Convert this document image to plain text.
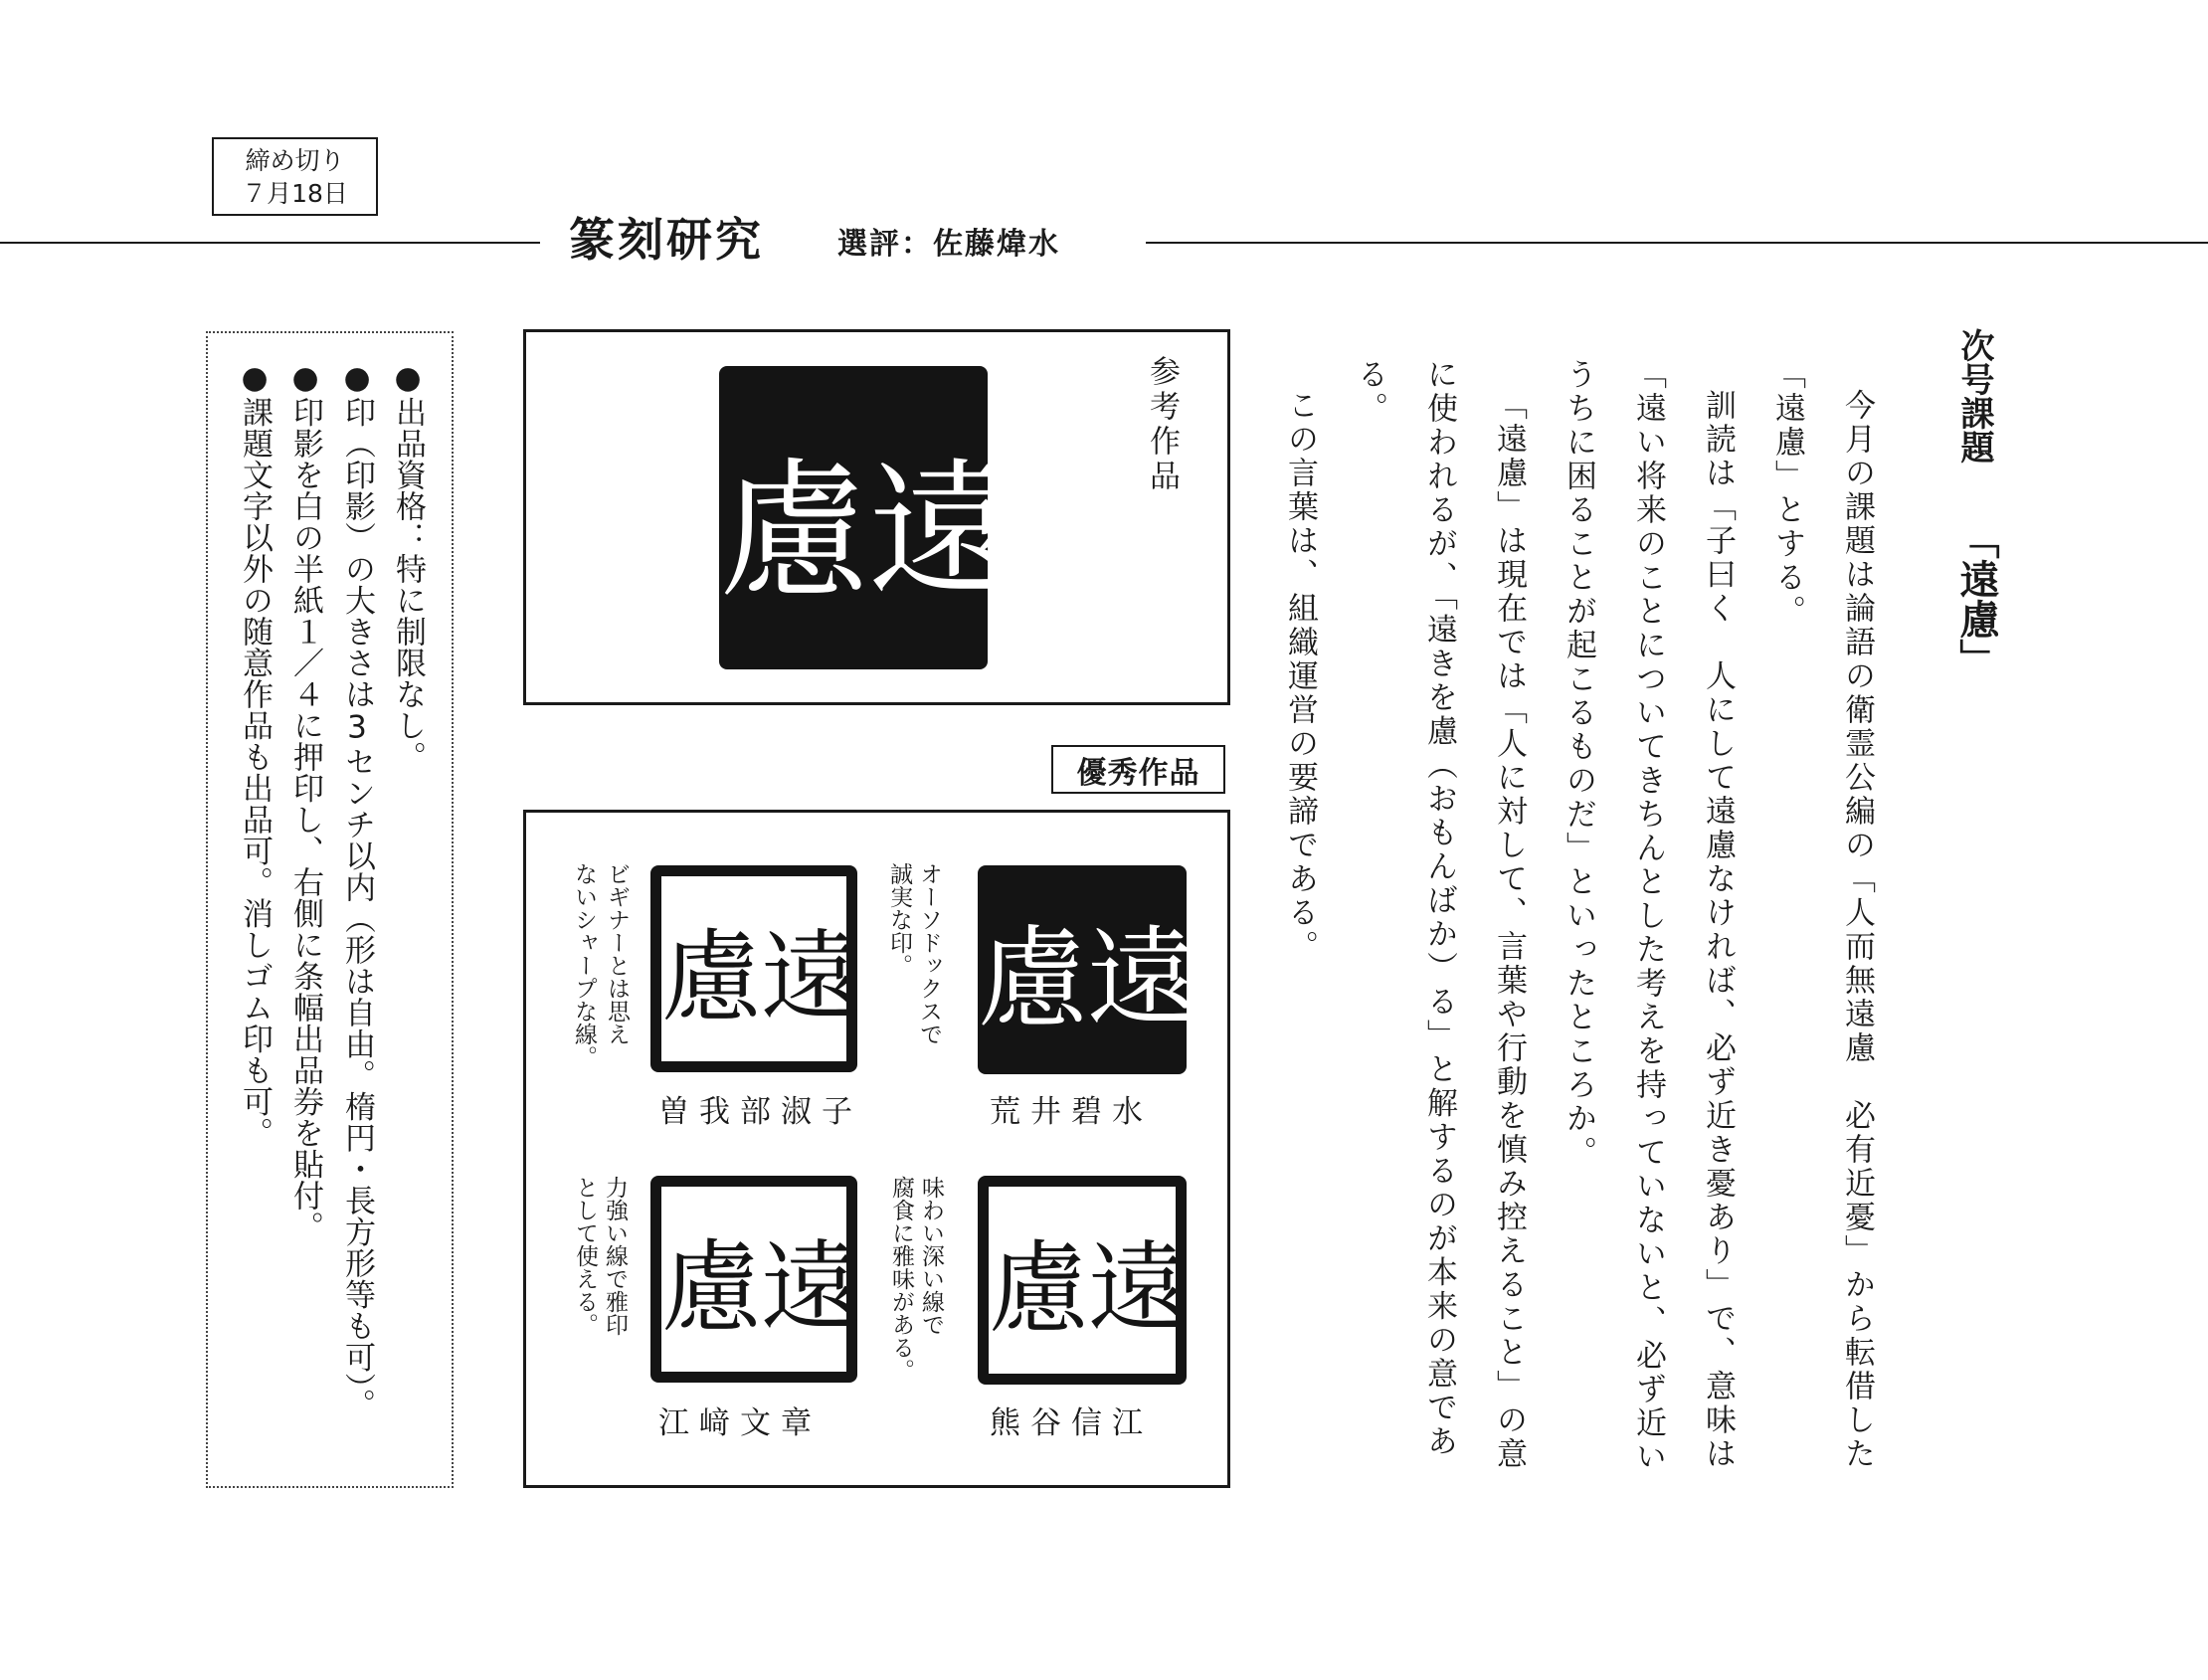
締め切り
７月18日
篆刻研究 選評：佐藤煒水
●出品資格：特に制限なし。
●印（印影）の大きさは3センチ以内（形は自由。楕円・長方形等も可）。
●印影を白の半紙１／４に押印し、右側に条幅出品券を貼付。
●課題文字以外の随意作品も出品可。消しゴム印も可。	遠
慮
参考作品
優秀作品
遠
慮
荒井碧水
オーソドックスで
誠実な印。
遠
慮
曽我部淑子
ビギナーとは思え
ないシャープな線。
遠
慮
熊谷信江
味わい深い線で
腐食に雅味がある。
遠
慮
江﨑文章
力強い線で雅印
として使える。
次号課題
「遠慮」

今月の課題は論語の衛霊公編の「人而無遠慮　必有近憂」から転借した「遠慮」とする。

訓読は「子曰く　人にして遠慮なければ、必ず近き憂あり」で、意味は「遠い将来のことについてきちんとした考えを持っていないと、必ず近いうちに困ることが起こるものだ」といったところか。

「遠慮」は現在では「人に対して、言葉や行動を慎み控えること」の意に使われるが、「遠きを慮（おもんばか）る」と解するのが本来の意である。

この言葉は、組織運営の要諦である。
